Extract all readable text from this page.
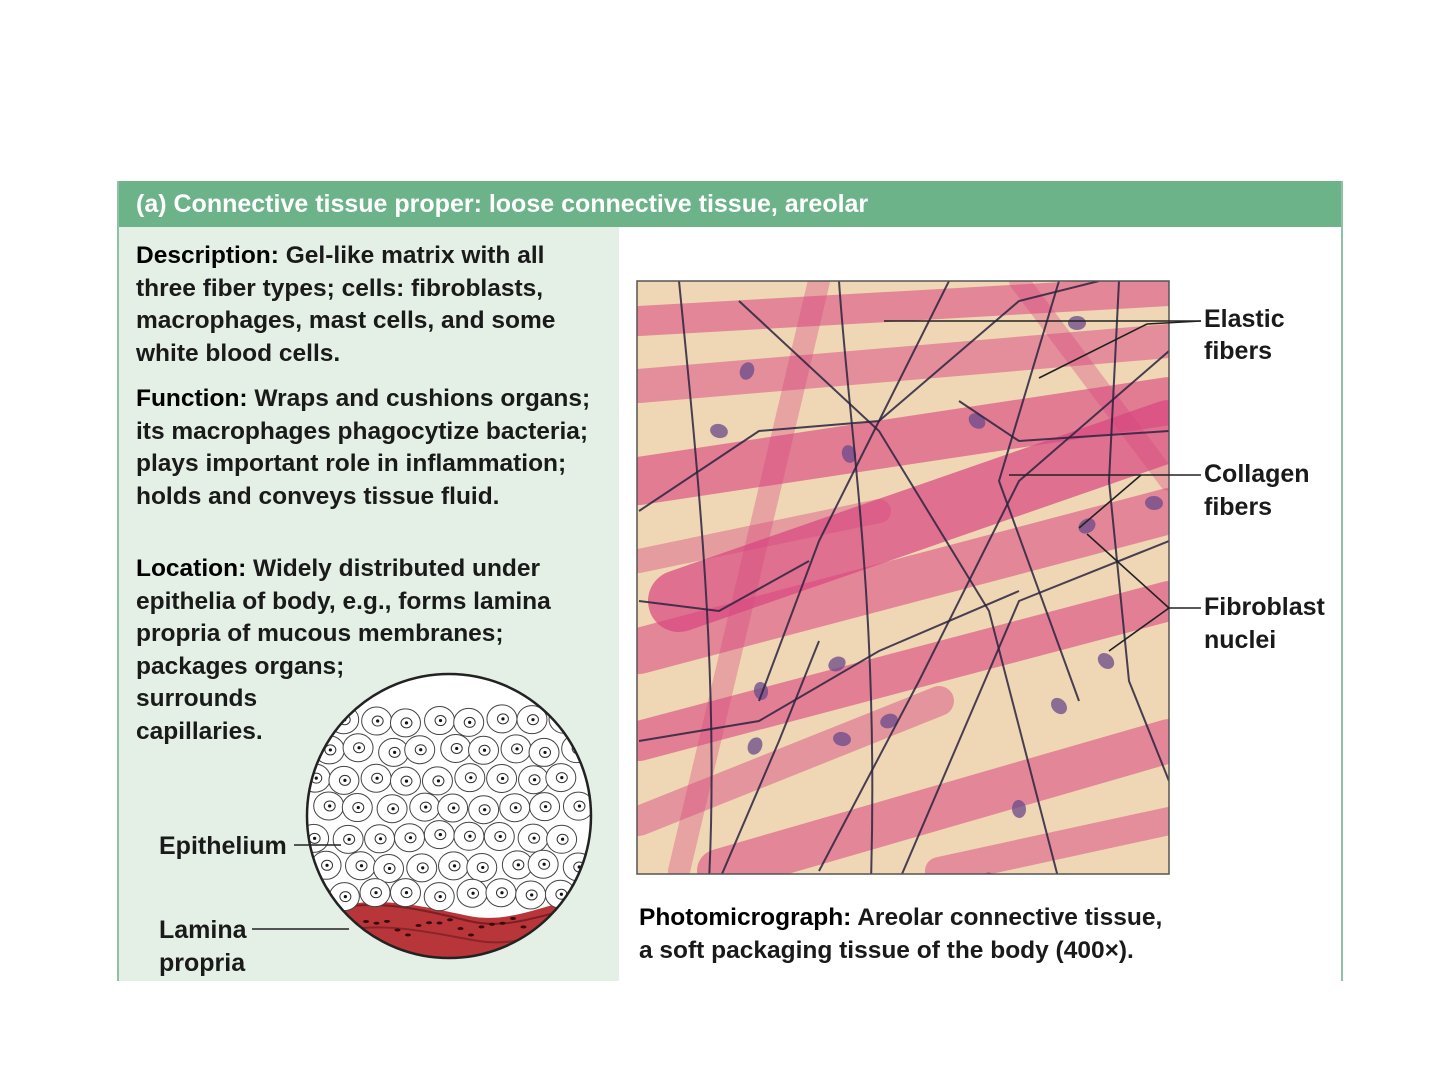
(a) Connective tissue proper: loose connective tissue, areolar

Description: Gel-like matrix with all three fiber types; cells: fibroblasts, macrophages, mast cells, and some white blood cells.

Function: Wraps and cushions organs; its macrophages phagocytize bacteria; plays important role in inflammation; holds and conveys tissue fluid.

Location: Widely distributed under
epithelia of body, e.g., forms lamina
propria of mucous membranes;
packages organs;
surrounds
capillaries.

Epithelium
Lamina
propria
Elastic
fibers
Collagen
fibers
Fibroblast
nuclei
Photomicrograph: Areolar connective tissue,
a soft packaging tissue of the body (400×).
